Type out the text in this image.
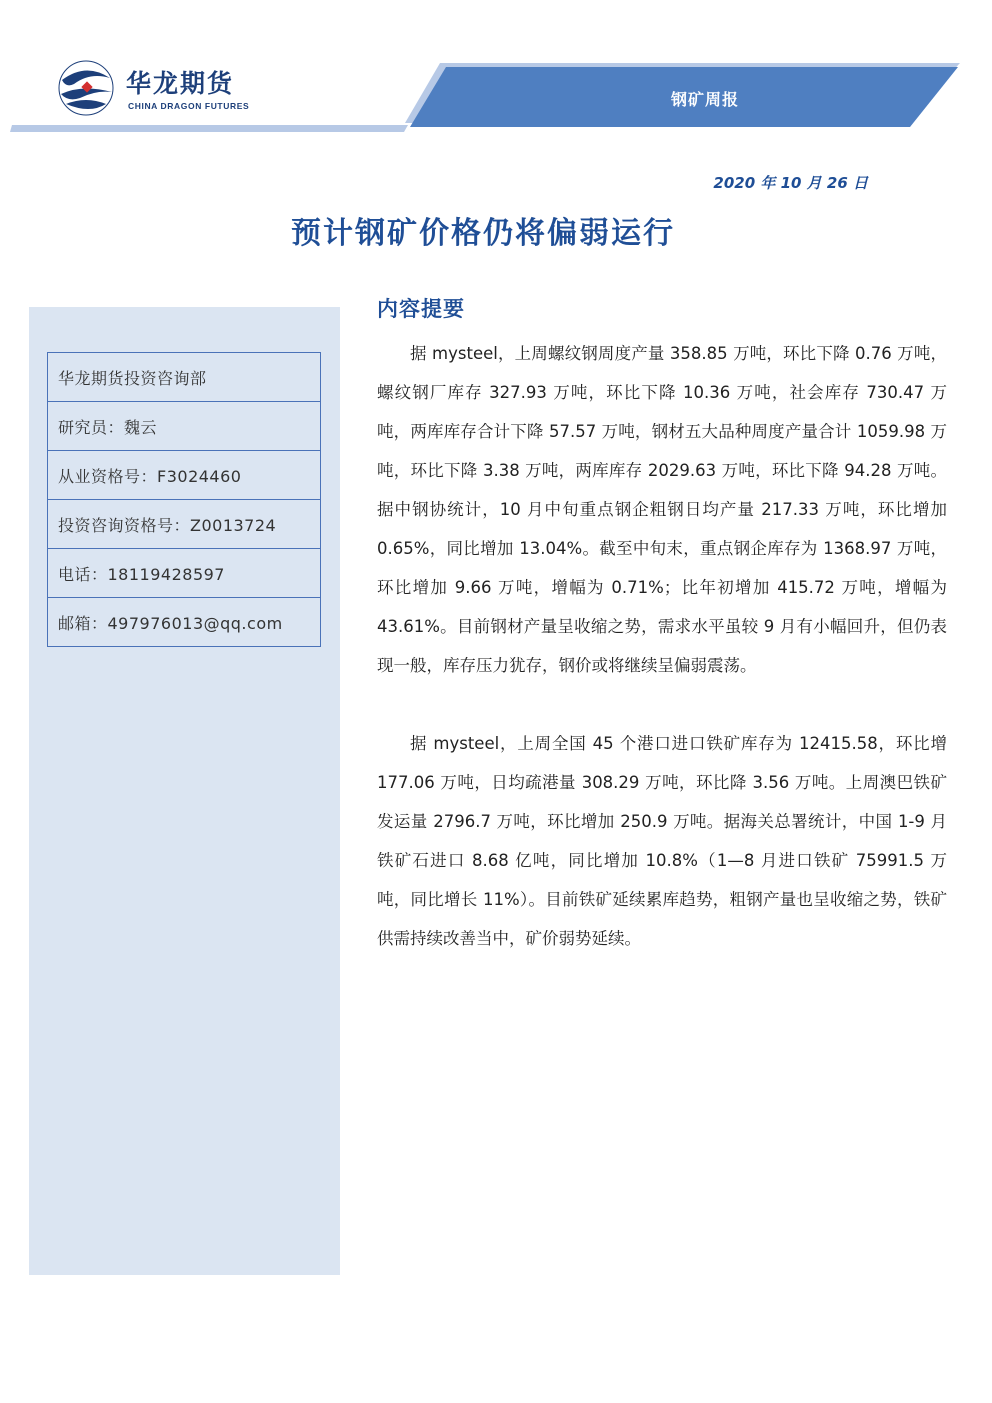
华龙期货
CHINA DRAGON FUTURES	钢矿周报
2020 年 10 月 26 日
预计钢矿价格仍将偏弱运行
华龙期货投资咨询部
研究员：魏云
从业资格号：F3024460
投资咨询资格号：Z0013724
电话：18119428597
邮箱：497976013@qq.com
内容提要
据 mysteel，上周螺纹钢周度产量 358.85 万吨，环比下降 0.76 万吨，螺纹钢厂库存 327.93 万吨，环比下降 10.36 万吨，社会库存 730.47 万吨，两库库存合计下降 57.57 万吨，钢材五大品种周度产量合计 1059.98 万吨，环比下降 3.38 万吨，两库库存 2029.63 万吨，环比下降 94.28 万吨。据中钢协统计，10 月中旬重点钢企粗钢日均产量 217.33 万吨，环比增加 0.65%，同比增加 13.04%。截至中旬末，重点钢企库存为 1368.97 万吨，环比增加 9.66 万吨，增幅为 0.71%；比年初增加 415.72 万吨，增幅为 43.61%。目前钢材产量呈收缩之势，需求水平虽较 9 月有小幅回升，但仍表现一般，库存压力犹存，钢价或将继续呈偏弱震荡。
据 mysteel，上周全国 45 个港口进口铁矿库存为 12415.58，环比增 177.06 万吨，日均疏港量 308.29 万吨，环比降 3.56 万吨。上周澳巴铁矿发运量 2796.7 万吨，环比增加 250.9 万吨。据海关总署统计，中国 1-9 月铁矿石进口 8.68 亿吨，同比增加 10.8%（1—8 月进口铁矿 75991.5 万吨，同比增长 11%）。目前铁矿延续累库趋势，粗钢产量也呈收缩之势，铁矿供需持续改善当中，矿价弱势延续。
